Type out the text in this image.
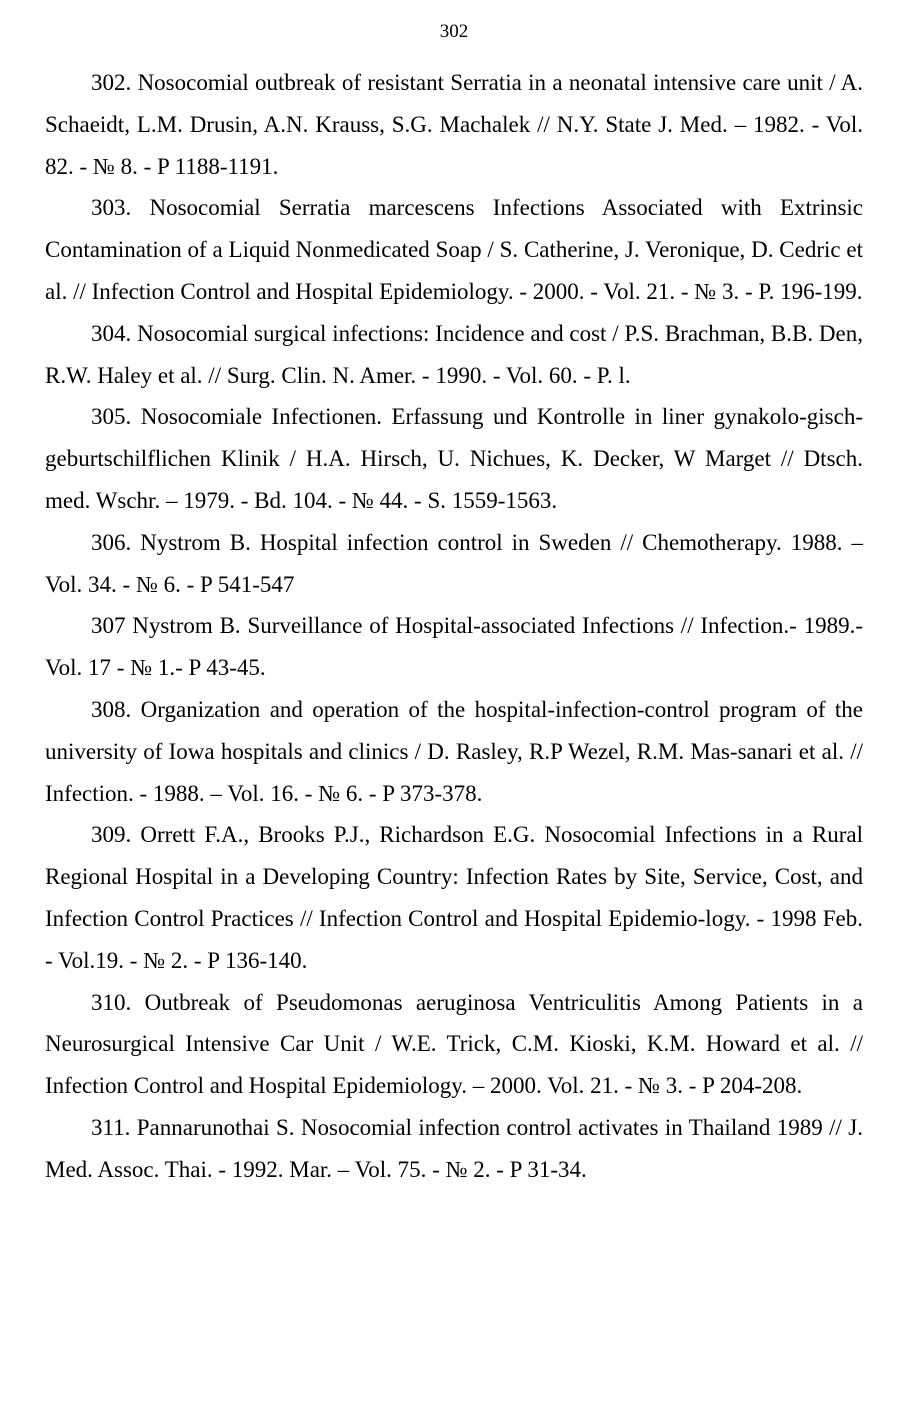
302

302. Nosocomial outbreak of resistant Serratia in a neonatal intensive care unit / A. Schaeidt, L.M. Drusin, A.N. Krauss, S.G. Machalek // N.Y. State J. Med. – 1982. - Vol. 82. - № 8. - P 1188-1191.

303. Nosocomial Serratia marcescens Infections Associated with Extrinsic Contamination of a Liquid Nonmedicated Soap / S. Catherine, J. Veronique, D. Cedric et al. // Infection Control and Hospital Epidemiology. - 2000. - Vol. 21. - № 3. - P. 196-199.

304. Nosocomial surgical infections: Incidence and cost / P.S. Brachman, B.B. Den, R.W. Haley et al. // Surg. Clin. N. Amer. - 1990. - Vol. 60. - P. l.

305. Nosocomiale Infectionen. Erfassung und Kontrolle in liner gynakolo-gisch-geburtschilflichen Klinik / H.A. Hirsch, U. Nichues, K. Decker, W Marget // Dtsch. med. Wschr. – 1979. - Bd. 104. - № 44. - S. 1559-1563.

306. Nystrom B. Hospital infection control in Sweden // Chemotherapy. 1988. – Vol. 34. - № 6. - P 541-547

307 Nystrom B. Surveillance of Hospital-associated Infections // Infection.- 1989.- Vol. 17 - № 1.- P 43-45.

308. Organization and operation of the hospital-infection-control program of the university of Iowa hospitals and clinics / D. Rasley, R.P Wezel, R.M. Mas-sanari et al. // Infection. - 1988. – Vol. 16. - № 6. - P 373-378.

309. Orrett F.A., Brooks P.J., Richardson E.G. Nosocomial Infections in a Rural Regional Hospital in a Developing Country: Infection Rates by Site, Service, Cost, and Infection Control Practices // Infection Control and Hospital Epidemio-logy. - 1998 Feb. - Vol.19. - № 2. - P 136-140.

310. Outbreak of Pseudomonas aeruginosa Ventriculitis Among Patients in a Neurosurgical Intensive Car Unit / W.E. Trick, C.M. Kioski, K.M. Howard et al. // Infection Control and Hospital Epidemiology. – 2000. Vol. 21. - № 3. - P 204-208.

311. Pannarunothai S. Nosocomial infection control activates in Thailand 1989 // J. Med. Assoc. Thai. - 1992. Mar. – Vol. 75. - № 2. - P 31-34.
